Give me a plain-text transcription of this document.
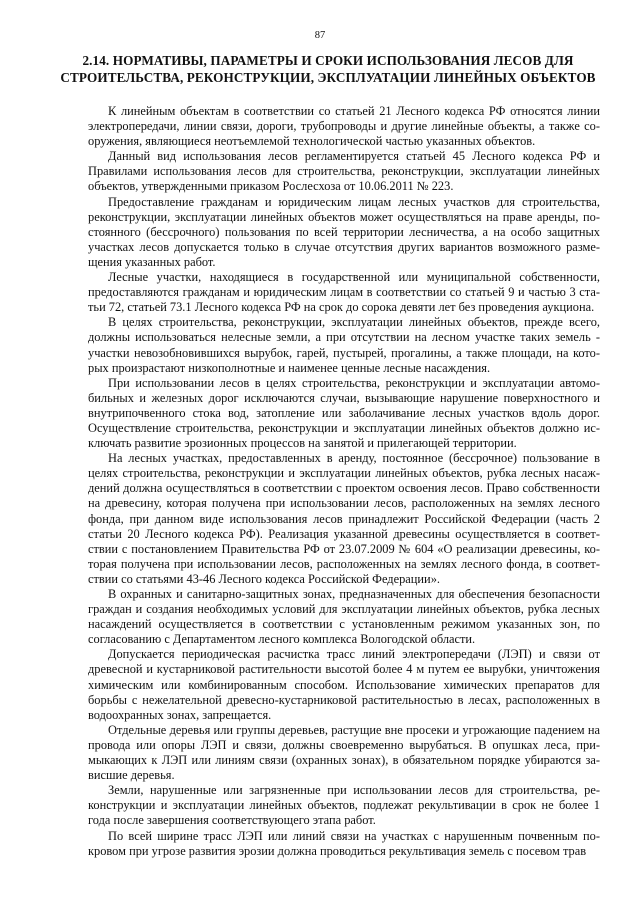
87
2.14. НОРМАТИВЫ, ПАРАМЕТРЫ И СРОКИ ИСПОЛЬЗОВАНИЯ ЛЕСОВ ДЛЯ СТРОИТЕЛЬСТВА, РЕКОНСТРУКЦИИ, ЭКСПЛУАТАЦИИ ЛИНЕЙНЫХ ОБЪЕКТОВ

К линейным объектам в соответствии со статьей 21 Лесного кодекса РФ относятся линии электропередачи, линии связи, дороги, трубопроводы и другие линейные объекты, а также сооружения, являющиеся неотъемлемой технологической частью указанных объектов.

Данный вид использования лесов регламентируется статьей 45 Лесного кодекса РФ и Правилами использования лесов для строительства, реконструкции, эксплуатации линейных объектов, утвержденными приказом Рослесхоза от 10.06.2011 № 223.

Предоставление гражданам и юридическим лицам лесных участков для строительства, реконструкции, эксплуатации линейных объектов может осуществляться на праве аренды, постоянного (бессрочного) пользования по всей территории лесничества, а на особо защитных участках лесов допускается только в случае отсутствия других вариантов возможного размещения указанных работ.

Лесные участки, находящиеся в государственной или муниципальной собственности, предоставляются гражданам и юридическим лицам в соответствии со статьей 9 и частью 3 статьи 72, статьей 73.1 Лесного кодекса РФ на срок до сорока девяти лет без проведения аукциона.

В целях строительства, реконструкции, эксплуатации линейных объектов, прежде всего, должны использоваться нелесные земли, а при отсутствии на лесном участке таких земель - участки невозобновившихся вырубок, гарей, пустырей, прогалины, а также площади, на которых произрастают низкополнотные и наименее ценные лесные насаждения.

При использовании лесов в целях строительства, реконструкции и эксплуатации автомобильных и железных дорог исключаются случаи, вызывающие нарушение поверхностного и внутрипочвенного стока вод, затопление или заболачивание лесных участков вдоль дорог. Осуществление строительства, реконструкции и эксплуатации линейных объектов должно исключать развитие эрозионных процессов на занятой и прилегающей территории.

На лесных участках, предоставленных в аренду, постоянное (бессрочное) пользование в целях строительства, реконструкции и эксплуатации линейных объектов, рубка лесных насаждений должна осуществляться в соответствии с проектом освоения лесов. Право собственности на древесину, которая получена при использовании лесов, расположенных на землях лесного фонда, при данном виде использования лесов принадлежит Российской Федерации (часть 2 статьи 20 Лесного кодекса РФ). Реализация указанной древесины осуществляется в соответствии с постановлением Правительства РФ от 23.07.2009 № 604 «О реализации древесины, которая получена при использовании лесов, расположенных на землях лесного фонда, в соответствии со статьями 43-46 Лесного кодекса Российской Федерации».

В охранных и санитарно-защитных зонах, предназначенных для обеспечения безопасности граждан и создания необходимых условий для эксплуатации линейных объектов, рубка лесных насаждений осуществляется в соответствии с установленным режимом указанных зон, по согласованию с Департаментом лесного комплекса Вологодской области.

Допускается периодическая расчистка трасс линий электропередачи (ЛЭП) и связи от древесной и кустарниковой растительности высотой более 4 м путем ее вырубки, уничтожения химическим или комбинированным способом. Использование химических препаратов для борьбы с нежелательной древесно-кустарниковой растительностью в лесах, расположенных в водоохранных зонах, запрещается.

Отдельные деревья или группы деревьев, растущие вне просеки и угрожающие падением на провода или опоры ЛЭП и связи, должны своевременно вырубаться. В опушках леса, примыкающих к ЛЭП или линиям связи (охранных зонах), в обязательном порядке убираются зависшие деревья.

Земли, нарушенные или загрязненные при использовании лесов для строительства, реконструкции и эксплуатации линейных объектов, подлежат рекультивации в срок не более 1 года после завершения соответствующего этапа работ.

По всей ширине трасс ЛЭП или линий связи на участках с нарушенным почвенным покровом при угрозе развития эрозии должна проводиться рекультивация земель с посевом трав
